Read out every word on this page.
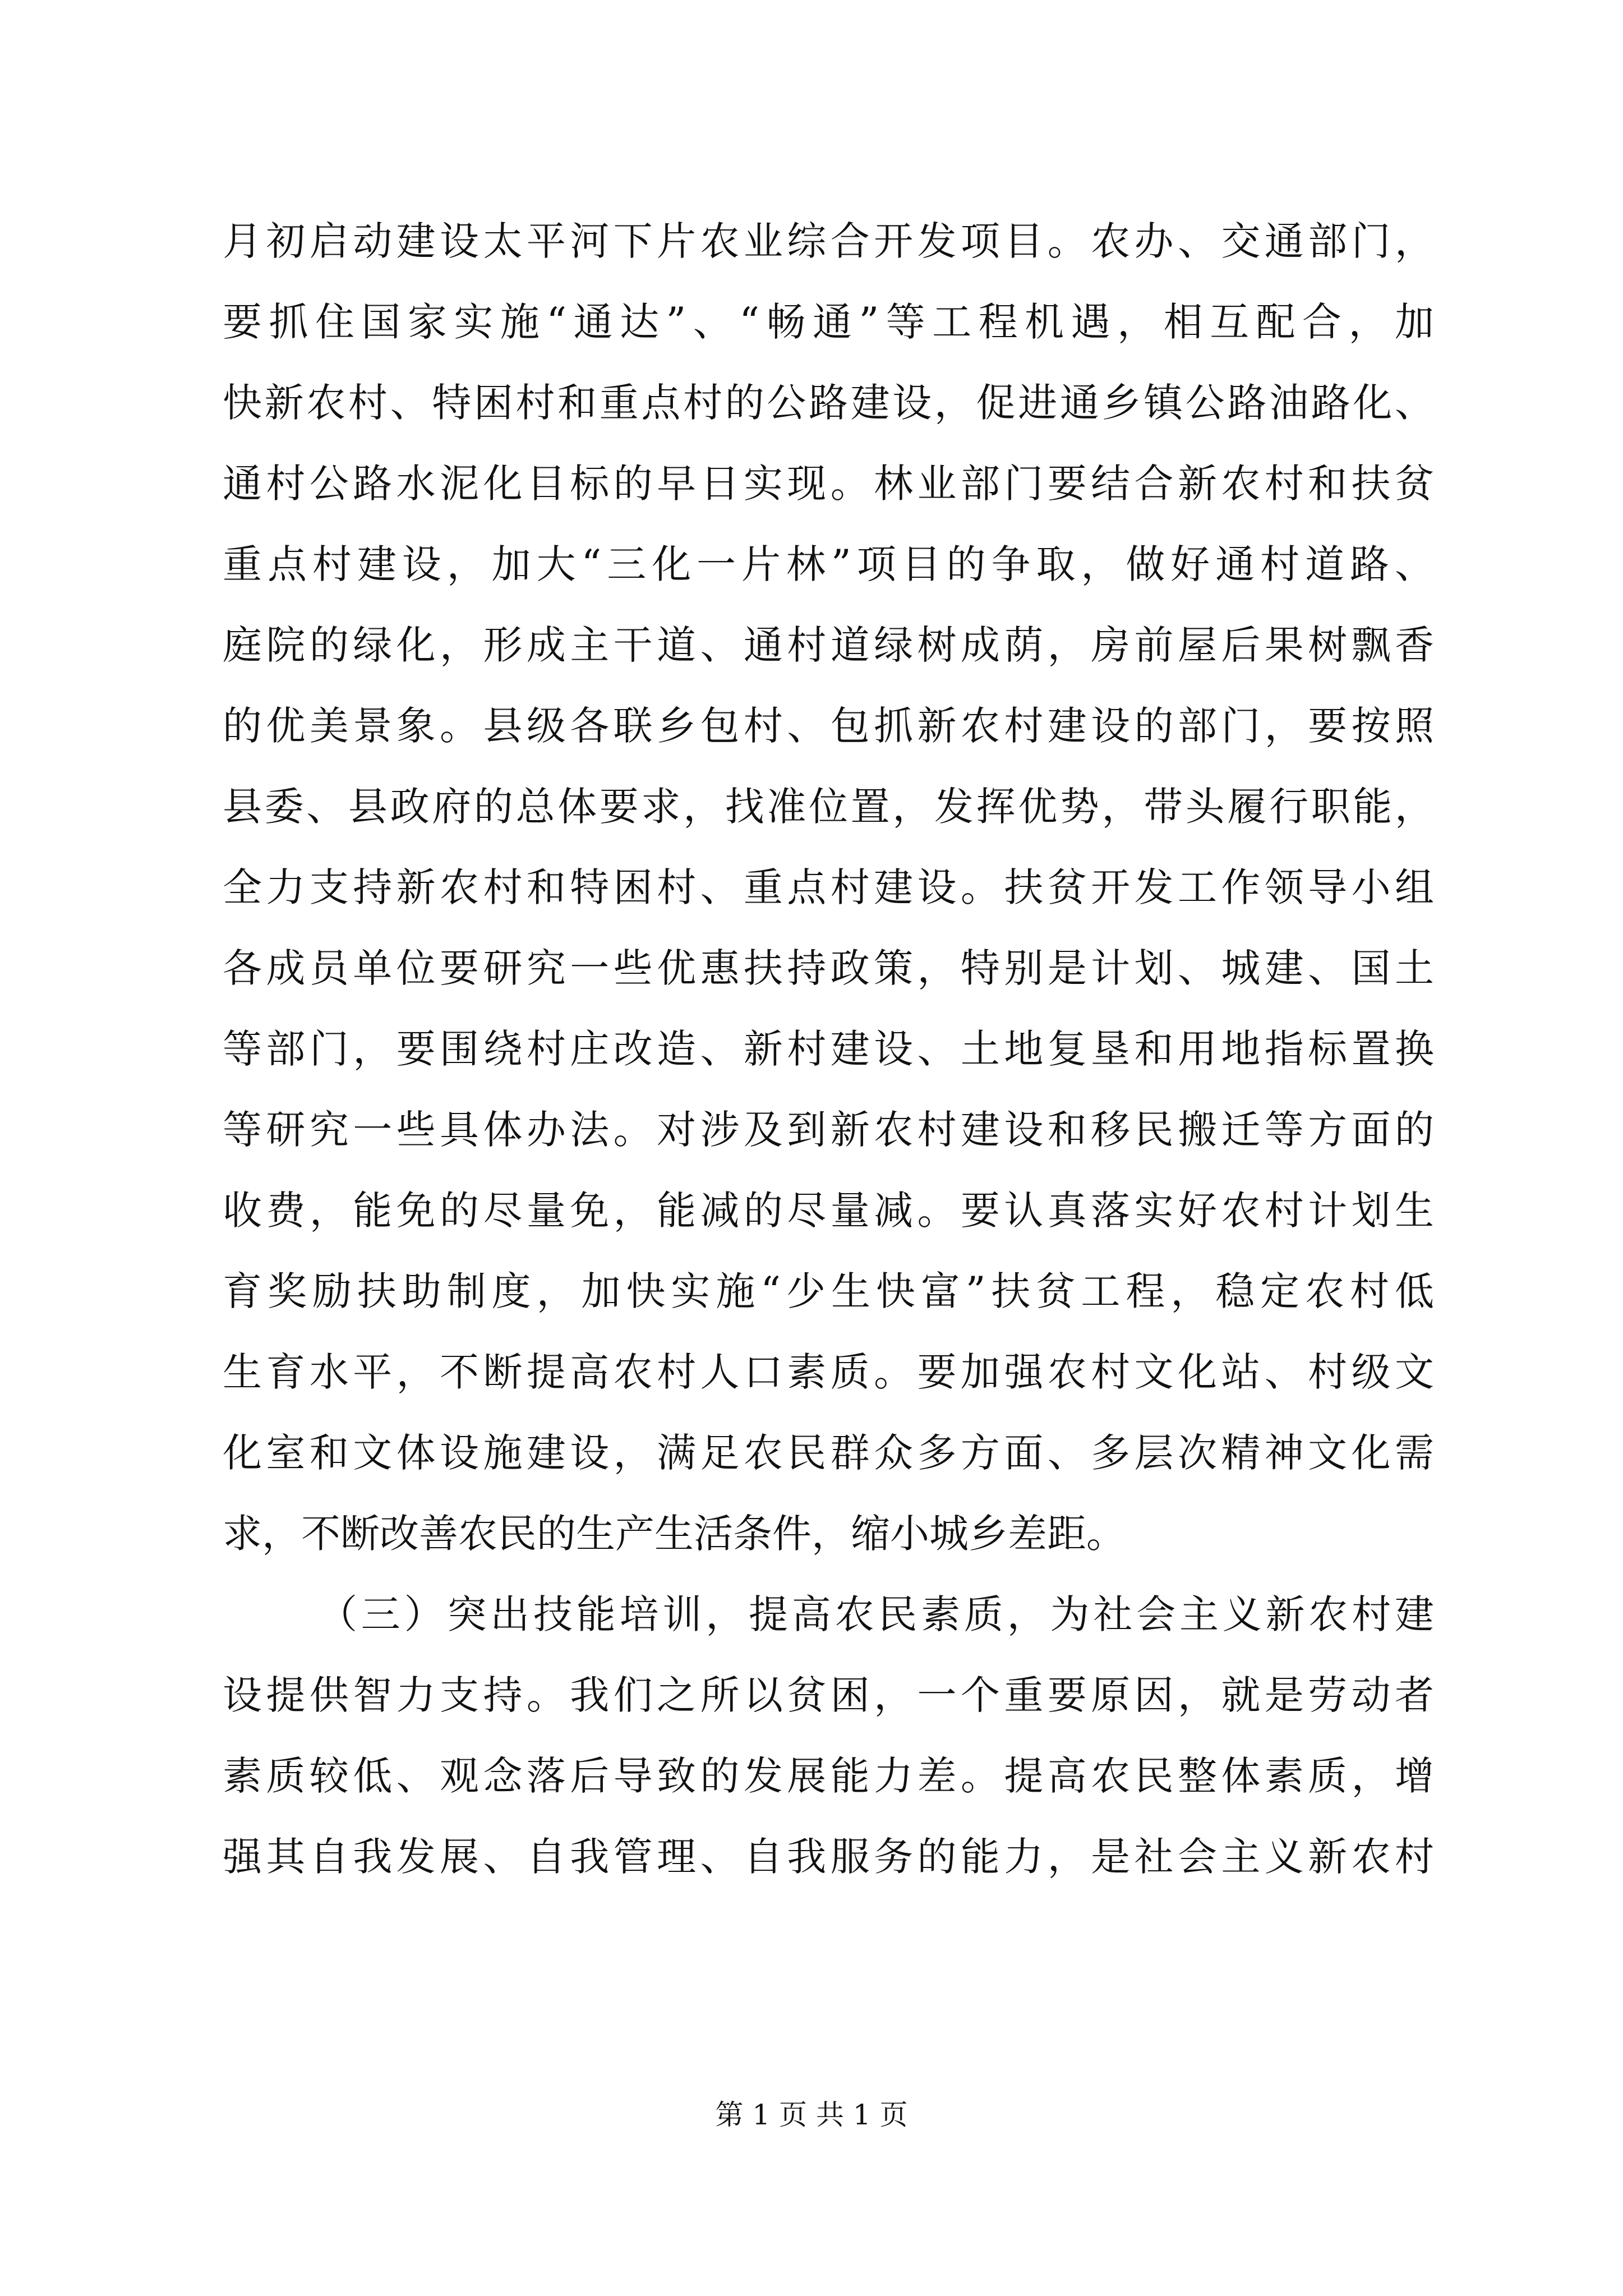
月初启动建设太平河下片农业综合开发项目。农办、交通部门，
要抓住国家实施“通达”、“畅通”等工程机遇，相互配合，加
快新农村、特困村和重点村的公路建设，促进通乡镇公路油路化、
通村公路水泥化目标的早日实现。林业部门要结合新农村和扶贫
重点村建设，加大“三化一片林”项目的争取，做好通村道路、
庭院的绿化，形成主干道、通村道绿树成荫，房前屋后果树飘香
的优美景象。县级各联乡包村、包抓新农村建设的部门，要按照
县委、县政府的总体要求，找准位置，发挥优势，带头履行职能，
全力支持新农村和特困村、重点村建设。扶贫开发工作领导小组
各成员单位要研究一些优惠扶持政策，特别是计划、城建、国土
等部门，要围绕村庄改造、新村建设、土地复垦和用地指标置换
等研究一些具体办法。对涉及到新农村建设和移民搬迁等方面的
收费，能免的尽量免，能减的尽量减。要认真落实好农村计划生
育奖励扶助制度，加快实施“少生快富”扶贫工程，稳定农村低
生育水平，不断提高农村人口素质。要加强农村文化站、村级文
化室和文体设施建设，满足农民群众多方面、多层次精神文化需
求，不断改善农民的生产生活条件，缩小城乡差距。
（三）突出技能培训，提高农民素质，为社会主义新农村建
设提供智力支持。我们之所以贫困，一个重要原因，就是劳动者
素质较低、观念落后导致的发展能力差。提高农民整体素质，增
强其自我发展、自我管理、自我服务的能力，是社会主义新农村
第 1 页 共 1 页
